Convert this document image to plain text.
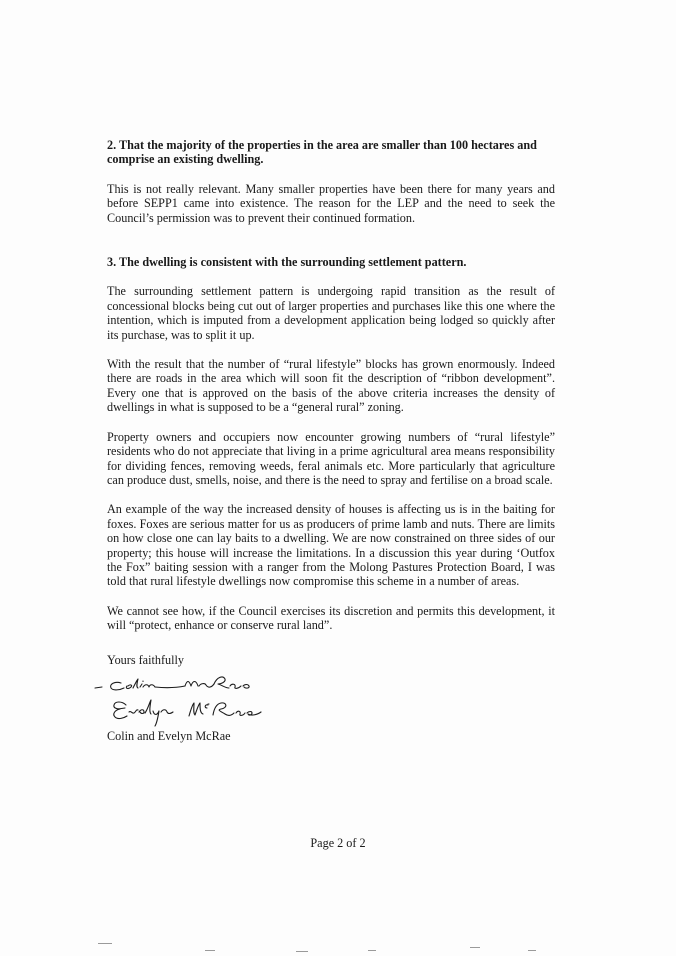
2. That the majority of the properties in the area are smaller than 100 hectares and comprise an existing dwelling.

This is not really relevant. Many smaller properties have been there for many years and before SEPP1 came into existence. The reason for the LEP and the need to seek the Council’s permission was to prevent their continued formation.

3. The dwelling is consistent with the surrounding settlement pattern.

The surrounding settlement pattern is undergoing rapid transition as the result of concessional blocks being cut out of larger properties and purchases like this one where the intention, which is imputed from a development application being lodged so quickly after its purchase, was to split it up.

With the result that the number of “rural lifestyle” blocks has grown enormously. Indeed there are roads in the area which will soon fit the description of “ribbon development”. Every one that is approved on the basis of the above criteria increases the density of dwellings in what is supposed to be a “general rural” zoning.

Property owners and occupiers now encounter growing numbers of “rural lifestyle” residents who do not appreciate that living in a prime agricultural area means responsibility for dividing fences, removing weeds, feral animals etc. More particularly that agriculture can produce dust, smells, noise, and there is the need to spray and fertilise on a broad scale.

An example of the way the increased density of houses is affecting us is in the baiting for foxes. Foxes are serious matter for us as producers of prime lamb and nuts. There are limits on how close one can lay baits to a dwelling. We are now constrained on three sides of our property; this house will increase the limitations. In a discussion this year during ‘Outfox the Fox” baiting session with a ranger from the Molong Pastures Protection Board, I was told that rural lifestyle dwellings now compromise this scheme in a number of areas.

We cannot see how, if the Council exercises its discretion and permits this development, it will “protect, enhance or conserve rural land”.

Yours faithfully

Colin and Evelyn McRae

Page 2 of 2
